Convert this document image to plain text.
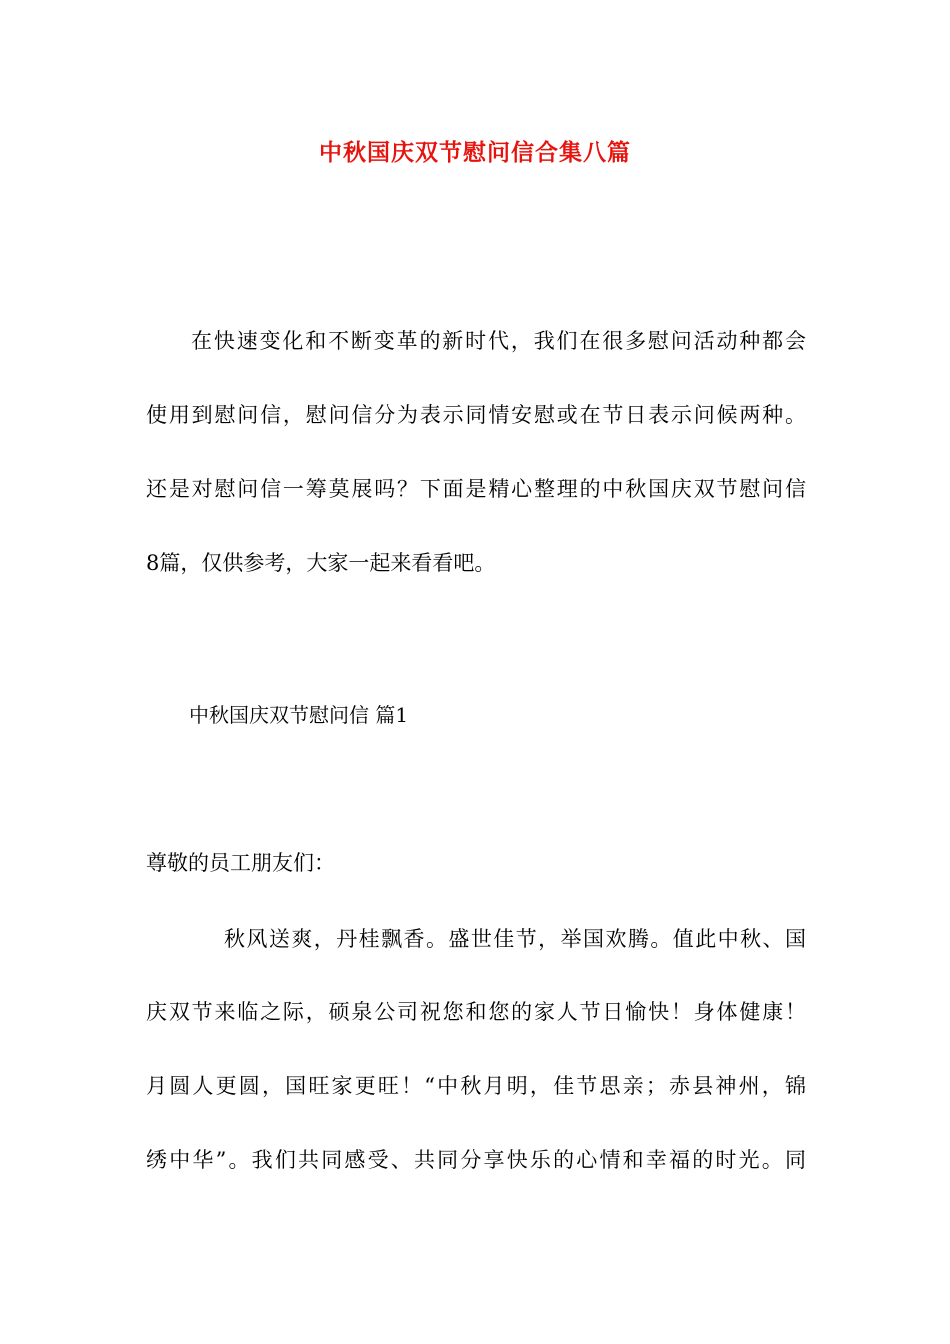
中秋国庆双节慰问信合集八篇
在快速变化和不断变革的新时代，我们在很多慰问活动种都会
使用到慰问信，慰问信分为表示同情安慰或在节日表示问候两种。
还是对慰问信一筹莫展吗？下面是精心整理的中秋国庆双节慰问信
8篇，仅供参考，大家一起来看看吧。
中秋国庆双节慰问信 篇1
尊敬的员工朋友们：
秋风送爽，丹桂飘香。盛世佳节，举国欢腾。值此中秋、国
庆双节来临之际，硕泉公司祝您和您的家人节日愉快！身体健康！
月圆人更圆，国旺家更旺！“中秋月明，佳节思亲；赤县神州，锦
绣中华”。我们共同感受、共同分享快乐的心情和幸福的时光。同
